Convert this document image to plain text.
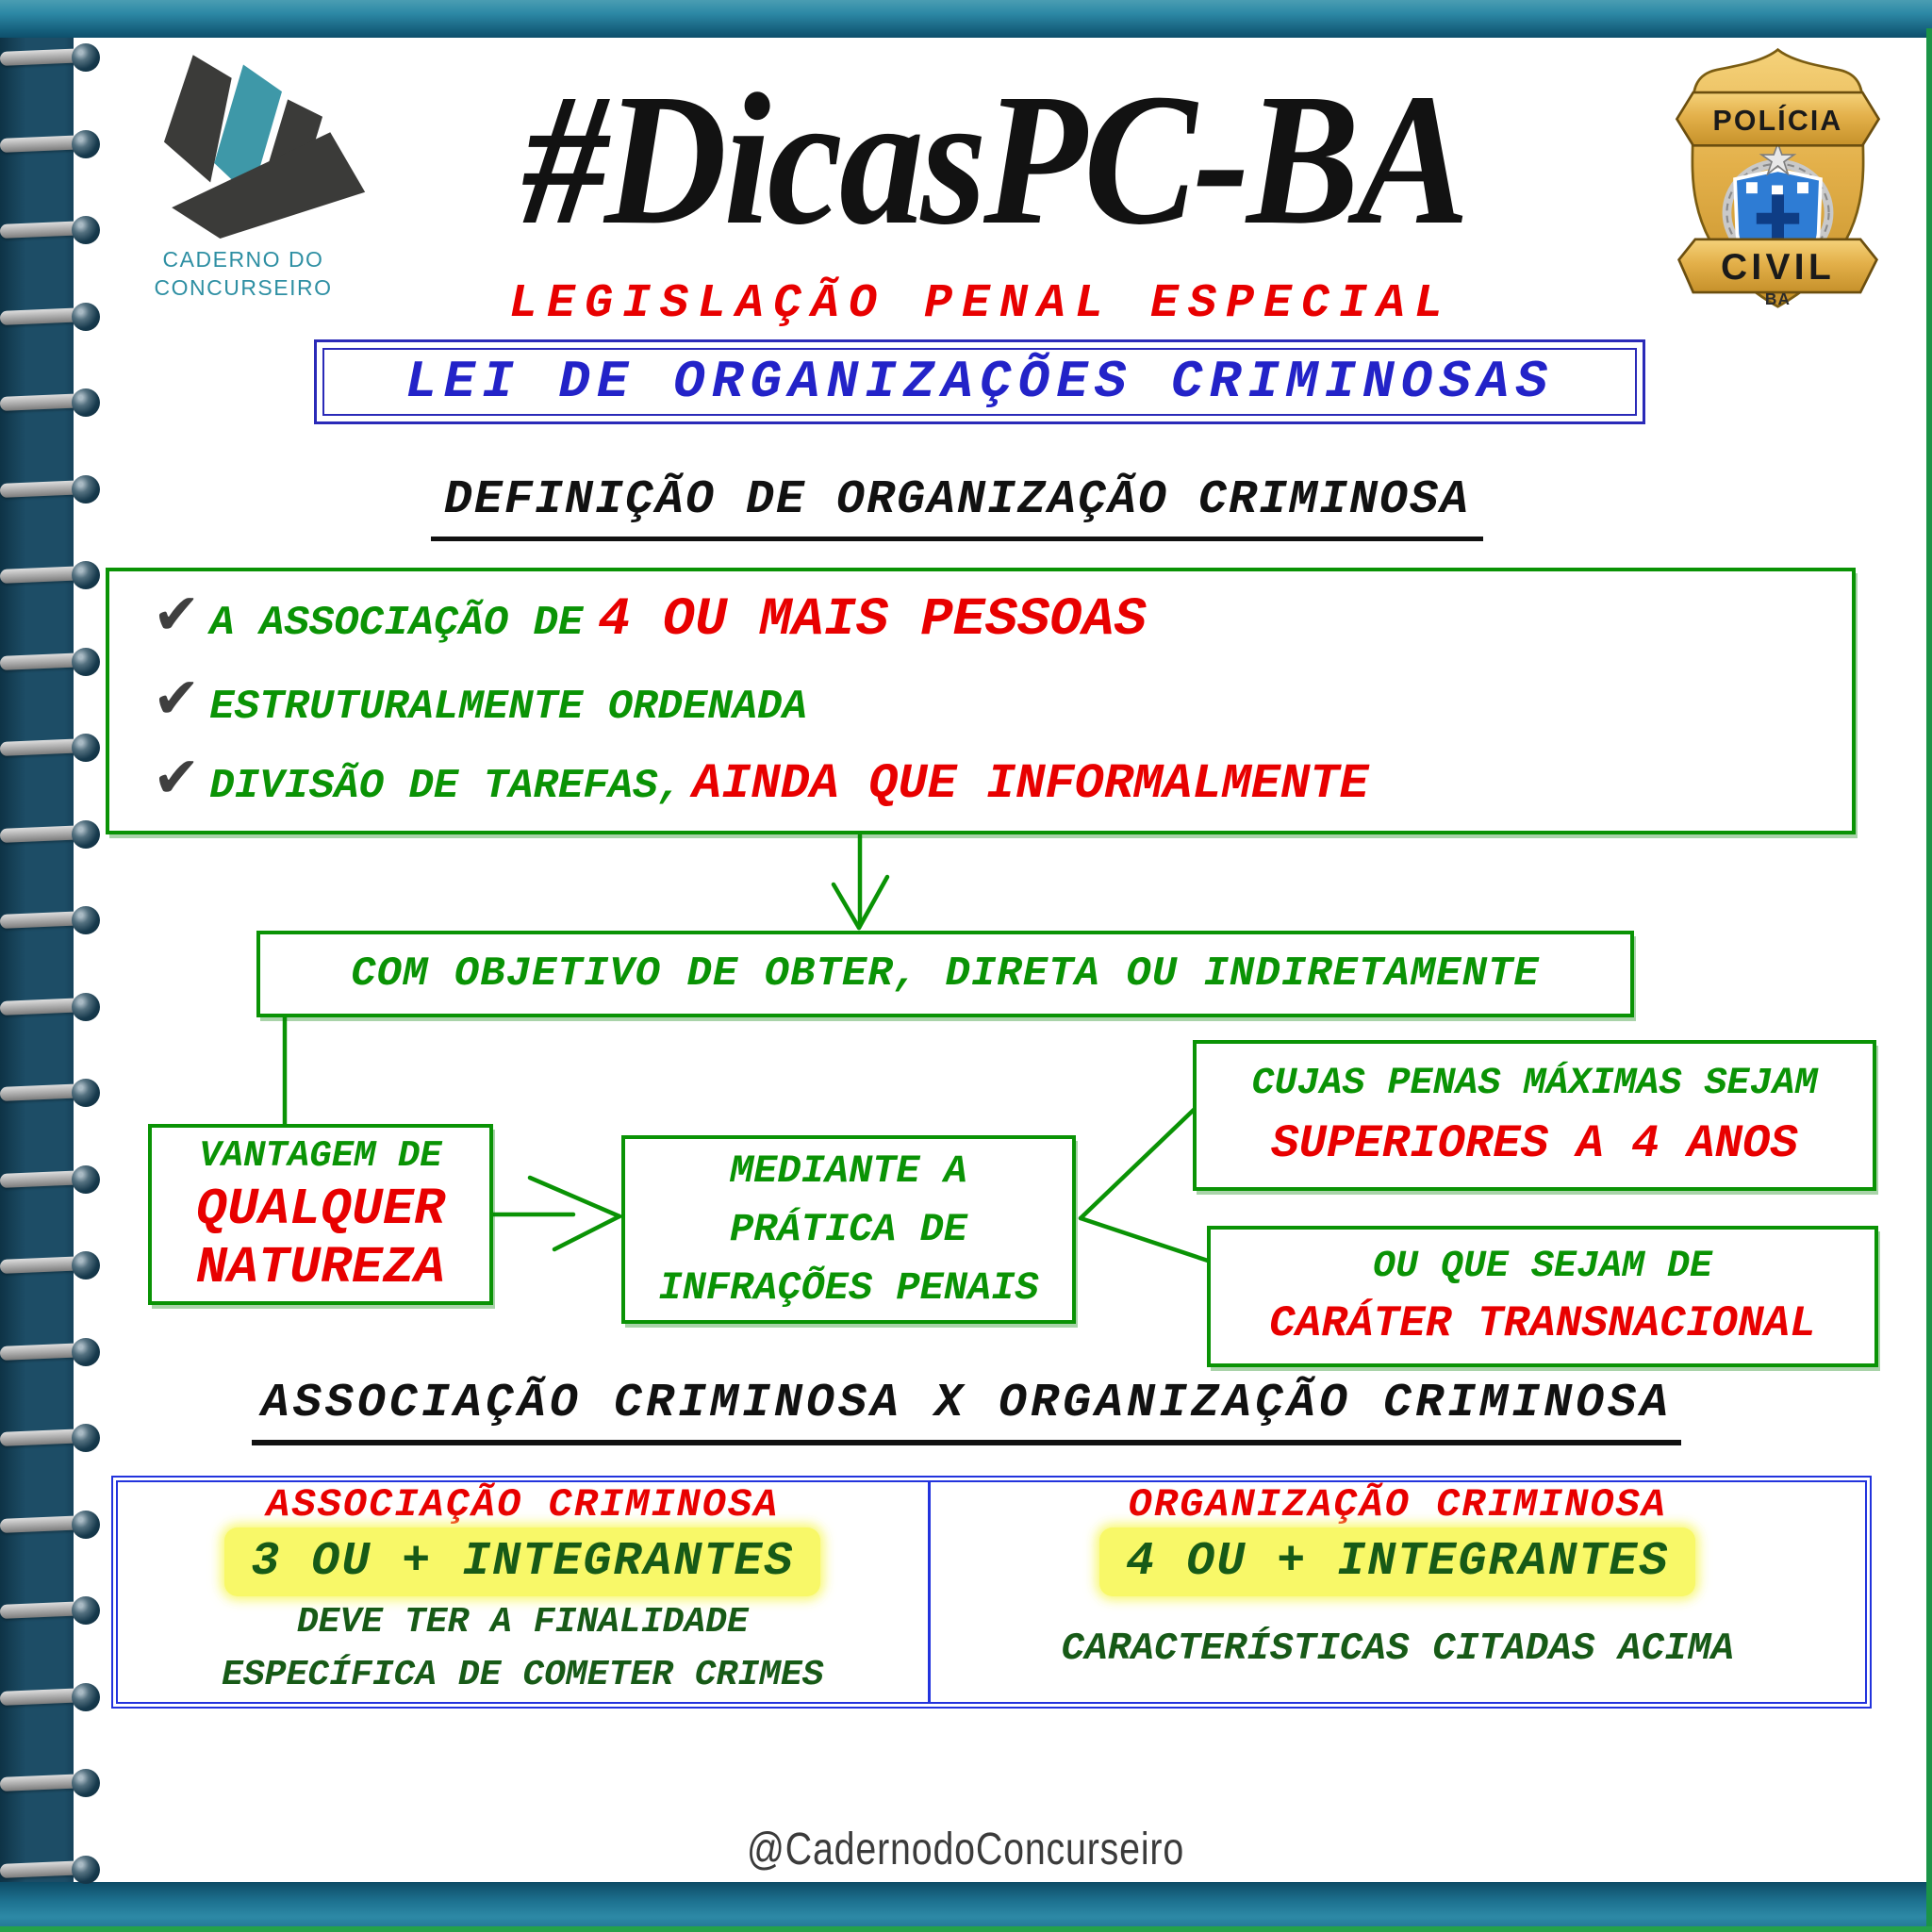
CADERNO DO
CONCURSEIRO
#DicasPC-BA	POLÍCIA
CIVIL
BA
LEGISLAÇÃO PENAL ESPECIAL
LEI DE ORGANIZAÇÕES CRIMINOSAS
DEFINIÇÃO DE ORGANIZAÇÃO CRIMINOSA
✔ A ASSOCIAÇÃO DE 4 OU MAIS PESSOAS
✔ ESTRUTURALMENTE ORDENADA
✔ DIVISÃO DE TAREFAS, AINDA QUE INFORMALMENTE
COM OBJETIVO DE OBTER, DIRETA OU INDIRETAMENTE
VANTAGEM DE
QUALQUER
NATUREZA
MEDIANTE A
PRÁTICA DE
INFRAÇÕES PENAIS
CUJAS PENAS MÁXIMAS SEJAM
SUPERIORES A 4 ANOS
OU QUE SEJAM DE
CARÁTER TRANSNACIONAL
ASSOCIAÇÃO CRIMINOSA X ORGANIZAÇÃO CRIMINOSA
ASSOCIAÇÃO CRIMINOSA	ORGANIZAÇÃO CRIMINOSA
3 OU + INTEGRANTES	4 OU + INTEGRANTES
DEVE TER A FINALIDADE
ESPECÍFICA DE COMETER CRIMES
CARACTERÍSTICAS CITADAS ACIMA
@CadernodoConcurseiro
